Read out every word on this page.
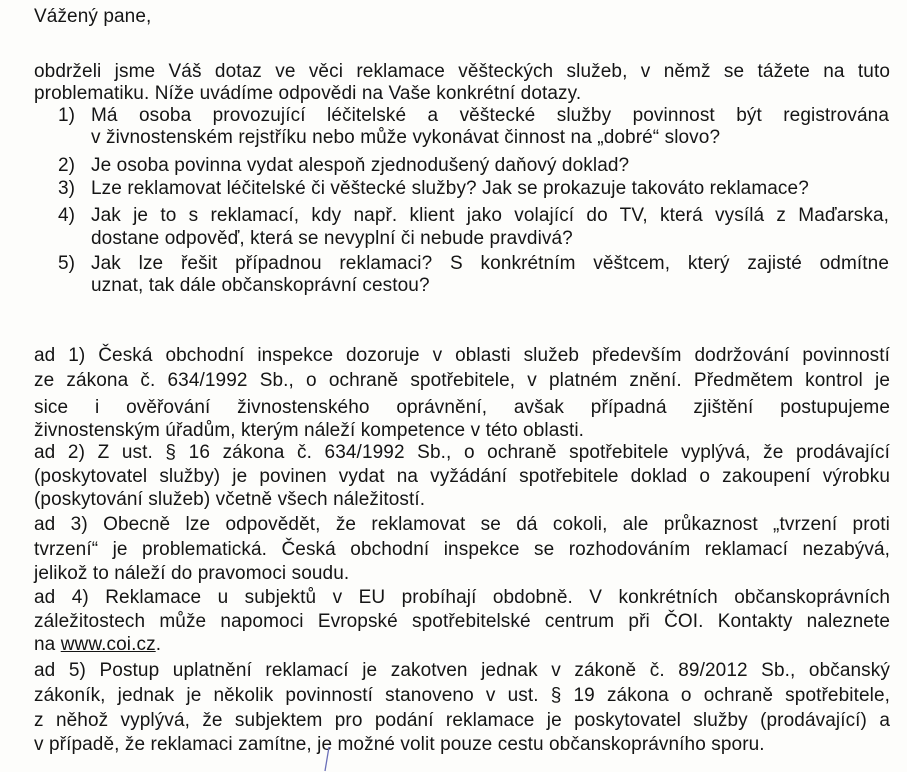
Vážený pane,
obdrželi jsme Váš dotaz ve věci reklamace věšteckých služeb, v němž se tážete na tuto
problematiku. Níže uvádíme odpovědi na Vaše konkrétní dotazy.
1) Má osoba provozující léčitelské a věštecké služby povinnost být registrována
v živnostenském rejstříku nebo může vykonávat činnost na „dobré“ slovo?
2) Je osoba povinna vydat alespoň zjednodušený daňový doklad?
3) Lze reklamovat léčitelské či věštecké služby? Jak se prokazuje takováto reklamace?
4) Jak je to s reklamací, kdy např. klient jako volající do TV, která vysílá z Maďarska,
dostane odpověď, která se nevyplní či nebude pravdivá?
5) Jak lze řešit případnou reklamaci? S konkrétním věštcem, který zajisté odmítne
uznat, tak dále občanskoprávní cestou?
ad 1) Česká obchodní inspekce dozoruje v oblasti služeb především dodržování povinností
ze zákona č. 634/1992 Sb., o ochraně spotřebitele, v platném znění. Předmětem kontrol je
sice i ověřování živnostenského oprávnění, avšak případná zjištění postupujeme
živnostenským úřadům, kterým náleží kompetence v této oblasti.
ad 2) Z ust. § 16 zákona č. 634/1992 Sb., o ochraně spotřebitele vyplývá, že prodávající
(poskytovatel služby) je povinen vydat na vyžádání spotřebitele doklad o zakoupení výrobku
(poskytování služeb) včetně všech náležitostí.
ad 3) Obecně lze odpovědět, že reklamovat se dá cokoli, ale průkaznost „tvrzení proti
tvrzení“ je problematická. Česká obchodní inspekce se rozhodováním reklamací nezabývá,
jelikož to náleží do pravomoci soudu.
ad 4) Reklamace u subjektů v EU probíhají obdobně. V konkrétních občanskoprávních
záležitostech může napomoci Evropské spotřebitelské centrum při ČOI. Kontakty naleznete
na www.coi.cz.
ad 5) Postup uplatnění reklamací je zakotven jednak v zákoně č. 89/2012 Sb., občanský
zákoník, jednak je několik povinností stanoveno v ust. § 19 zákona o ochraně spotřebitele,
z něhož vyplývá, že subjektem pro podání reklamace je poskytovatel služby (prodávající) a
v případě, že reklamaci zamítne, je možné volit pouze cestu občanskoprávního sporu.
